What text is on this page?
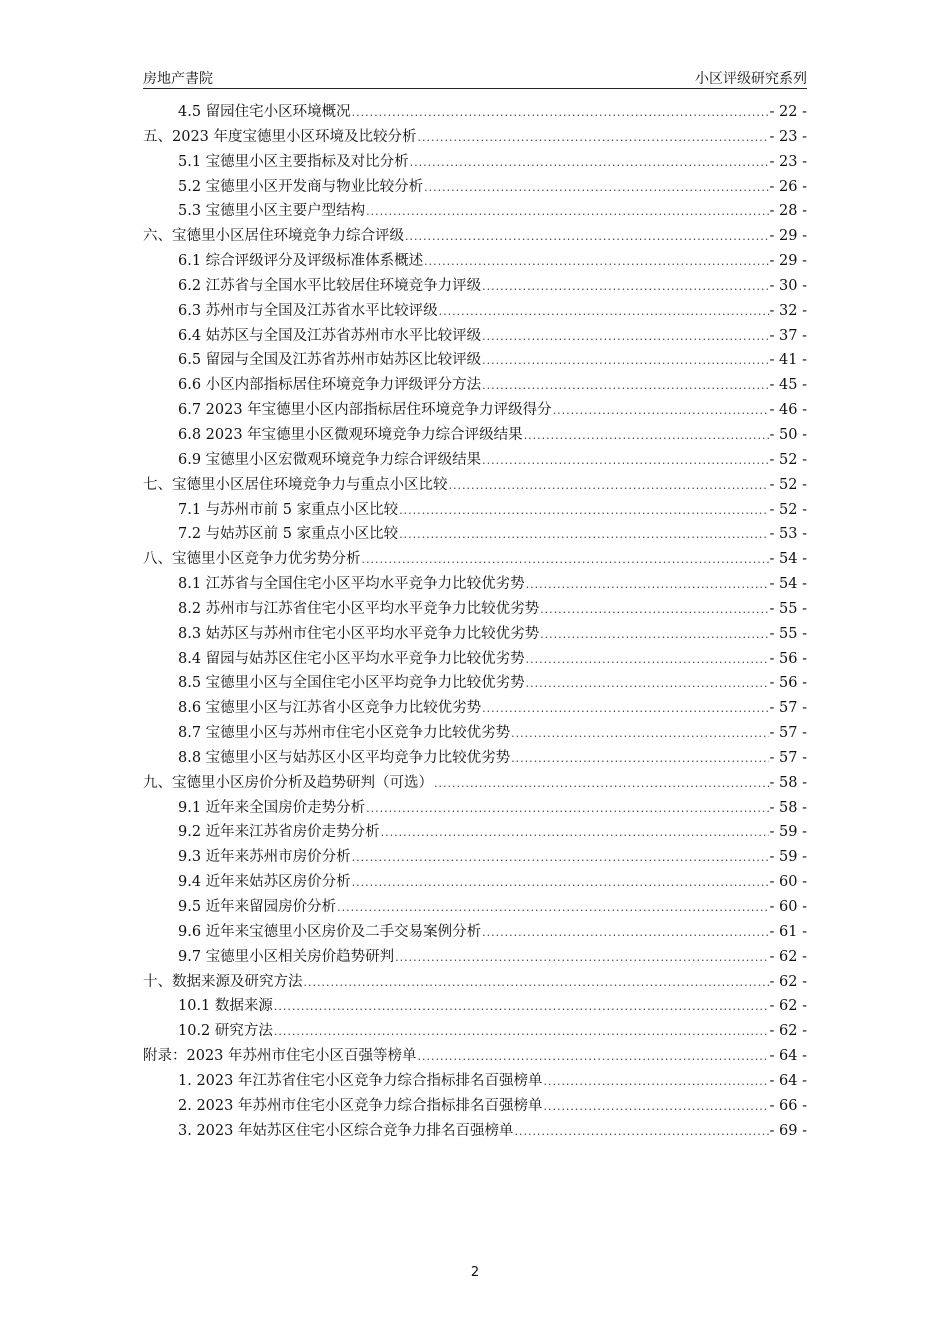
房地产書院	小区评级研究系列
4.5 留园住宅小区环境概况 .....	- 22 -
五、2023 年度宝德里小区环境及比较分析 .....	- 23 -
5.1 宝德里小区主要指标及对比分析 .....	- 23 -
5.2 宝德里小区开发商与物业比较分析 .....	- 26 -
5.3 宝德里小区主要户型结构 .....	- 28 -
六、宝德里小区居住环境竞争力综合评级 .....	- 29 -
6.1 综合评级评分及评级标准体系概述 .....	- 29 -
6.2 江苏省与全国水平比较居住环境竞争力评级 .....	- 30 -
6.3 苏州市与全国及江苏省水平比较评级 .....	- 32 -
6.4 姑苏区与全国及江苏省苏州市水平比较评级 .....	- 37 -
6.5 留园与全国及江苏省苏州市姑苏区比较评级 .....	- 41 -
6.6 小区内部指标居住环境竞争力评级评分方法 .....	- 45 -
6.7 2023 年宝德里小区内部指标居住环境竞争力评级得分 .....	- 46 -
6.8 2023 年宝德里小区微观环境竞争力综合评级结果 .....	- 50 -
6.9 宝德里小区宏微观环境竞争力综合评级结果 .....	- 52 -
七、宝德里小区居住环境竞争力与重点小区比较 .....	- 52 -
7.1 与苏州市前 5 家重点小区比较 .....	- 52 -
7.2 与姑苏区前 5 家重点小区比较 .....	- 53 -
八、宝德里小区竞争力优劣势分析 .....	- 54 -
8.1 江苏省与全国住宅小区平均水平竞争力比较优劣势 .....	- 54 -
8.2 苏州市与江苏省住宅小区平均水平竞争力比较优劣势 .....	- 55 -
8.3 姑苏区与苏州市住宅小区平均水平竞争力比较优劣势 .....	- 55 -
8.4 留园与姑苏区住宅小区平均水平竞争力比较优劣势 .....	- 56 -
8.5 宝德里小区与全国住宅小区平均竞争力比较优劣势 .....	- 56 -
8.6 宝德里小区与江苏省小区竞争力比较优劣势 .....	- 57 -
8.7 宝德里小区与苏州市住宅小区竞争力比较优劣势 .....	- 57 -
8.8 宝德里小区与姑苏区小区平均竞争力比较优劣势 .....	- 57 -
九、宝德里小区房价分析及趋势研判（可选） .....	- 58 -
9.1 近年来全国房价走势分析 .....	- 58 -
9.2 近年来江苏省房价走势分析 .....	- 59 -
9.3 近年来苏州市房价分析 .....	- 59 -
9.4 近年来姑苏区房价分析 .....	- 60 -
9.5 近年来留园房价分析 .....	- 60 -
9.6 近年来宝德里小区房价及二手交易案例分析 .....	- 61 -
9.7 宝德里小区相关房价趋势研判 .....	- 62 -
十、数据来源及研究方法 .....	- 62 -
10.1 数据来源 .....	- 62 -
10.2 研究方法 .....	- 62 -
附录：2023 年苏州市住宅小区百强等榜单 .....	- 64 -
1. 2023 年江苏省住宅小区竞争力综合指标排名百强榜单 .....	- 64 -
2. 2023 年苏州市住宅小区竞争力综合指标排名百强榜单 .....	- 66 -
3. 2023 年姑苏区住宅小区综合竞争力排名百强榜单 .....	- 69 -
2
